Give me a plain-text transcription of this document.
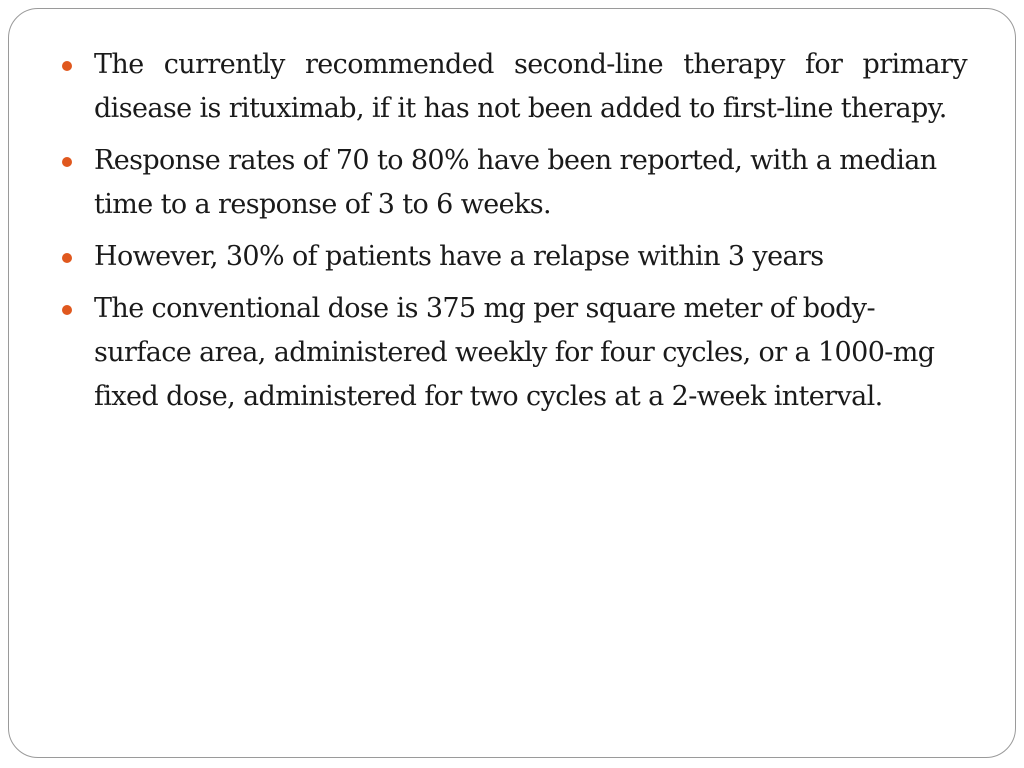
The currently recommended second-line therapy for primary disease is rituximab, if it has not been added to first-line therapy.
Response rates of 70 to 80% have been reported, with a median time to a response of 3 to 6 weeks.
However, 30% of patients have a relapse within 3 years
The conventional dose is 375 mg per square meter of body-surface area, administered weekly for four cycles, or a 1000-mg fixed dose, administered for two cycles at a 2-week interval.
